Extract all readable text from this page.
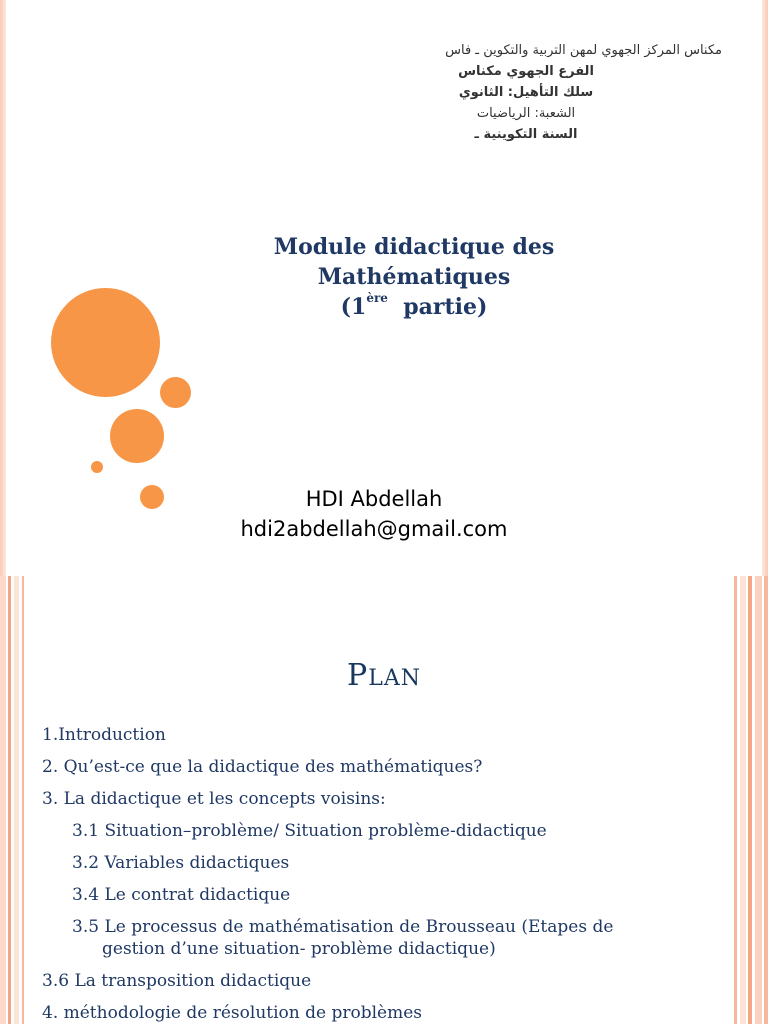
مكناس المركز الجهوي لمهن التربية والتكوين ـ فاس
الفرع الجهوي مكناس
سلك التأهيل: الثانوي
الشعبة: الرياضيات
السنة التكوينية ـ
Module didactique des
Mathématiques
(1ère  partie)
HDI Abdellah
hdi2abdellah@gmail.com
PLAN
1.Introduction
2. Qu’est-ce que la didactique des mathématiques?
3. La didactique et les concepts voisins:
3.1 Situation–problème/ Situation problème-didactique
3.2 Variables didactiques
3.4 Le contrat didactique
3.5 Le processus de mathématisation de Brousseau (Etapes de
gestion d’une situation- problème didactique)
3.6 La transposition didactique
4. méthodologie de résolution de problèmes
